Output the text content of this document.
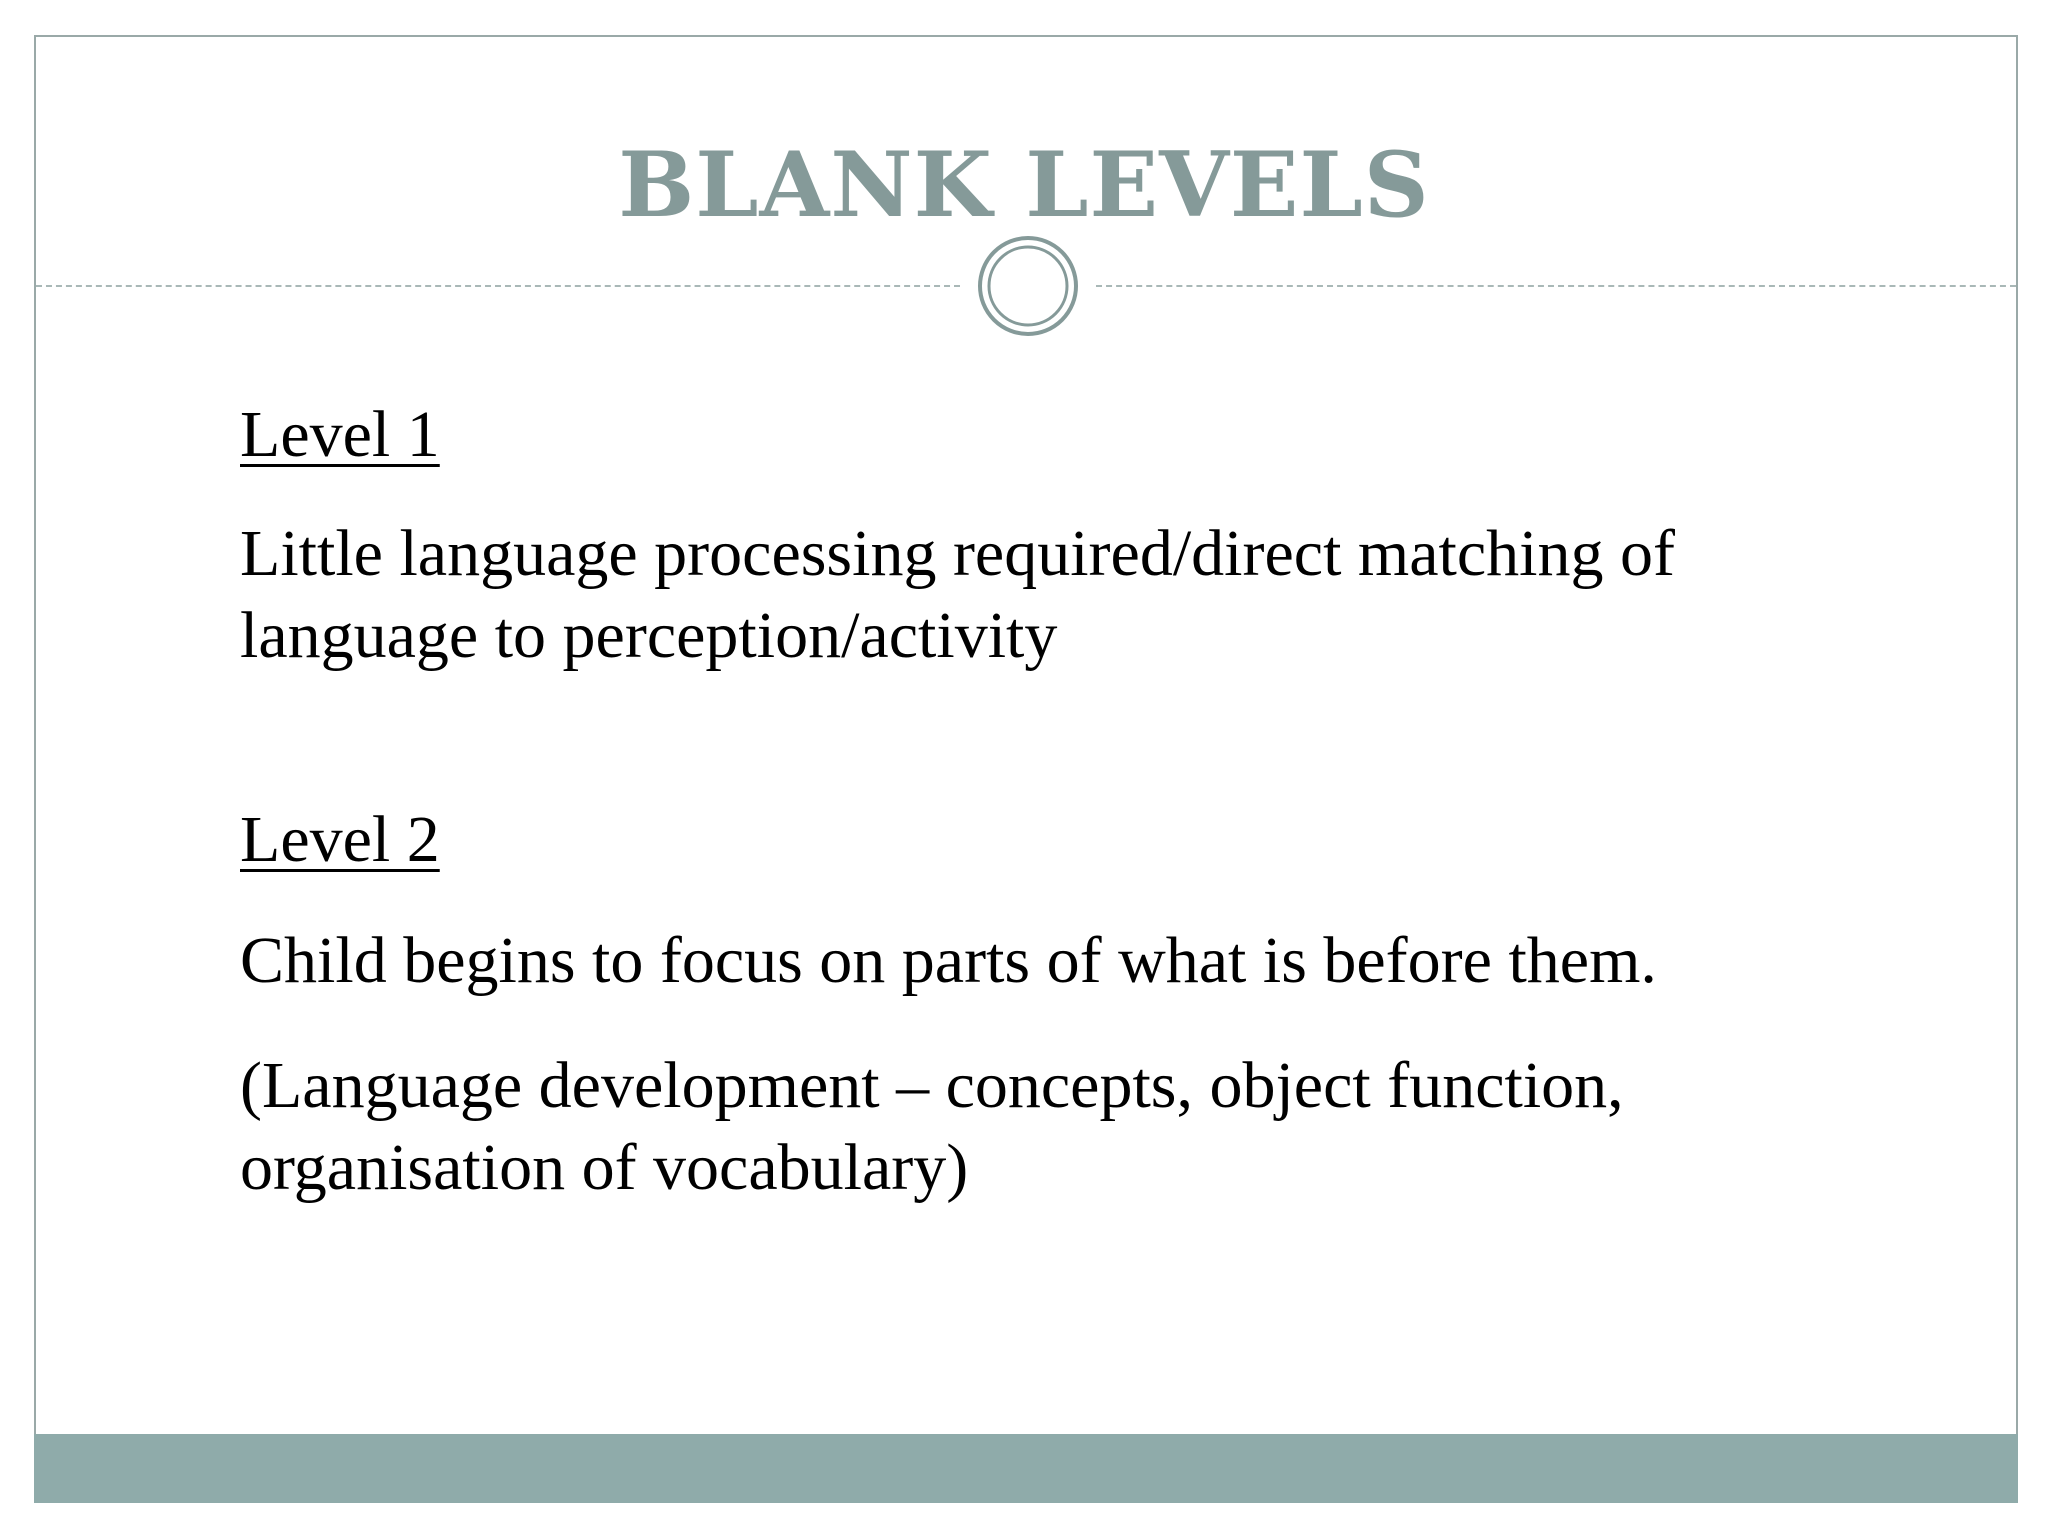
BLANK LEVELS
Level 1
Little language processing required/direct matching of language to perception/activity
Level 2
Child begins to focus on parts of what is before them.
(Language development – concepts, object function, organisation of vocabulary)
